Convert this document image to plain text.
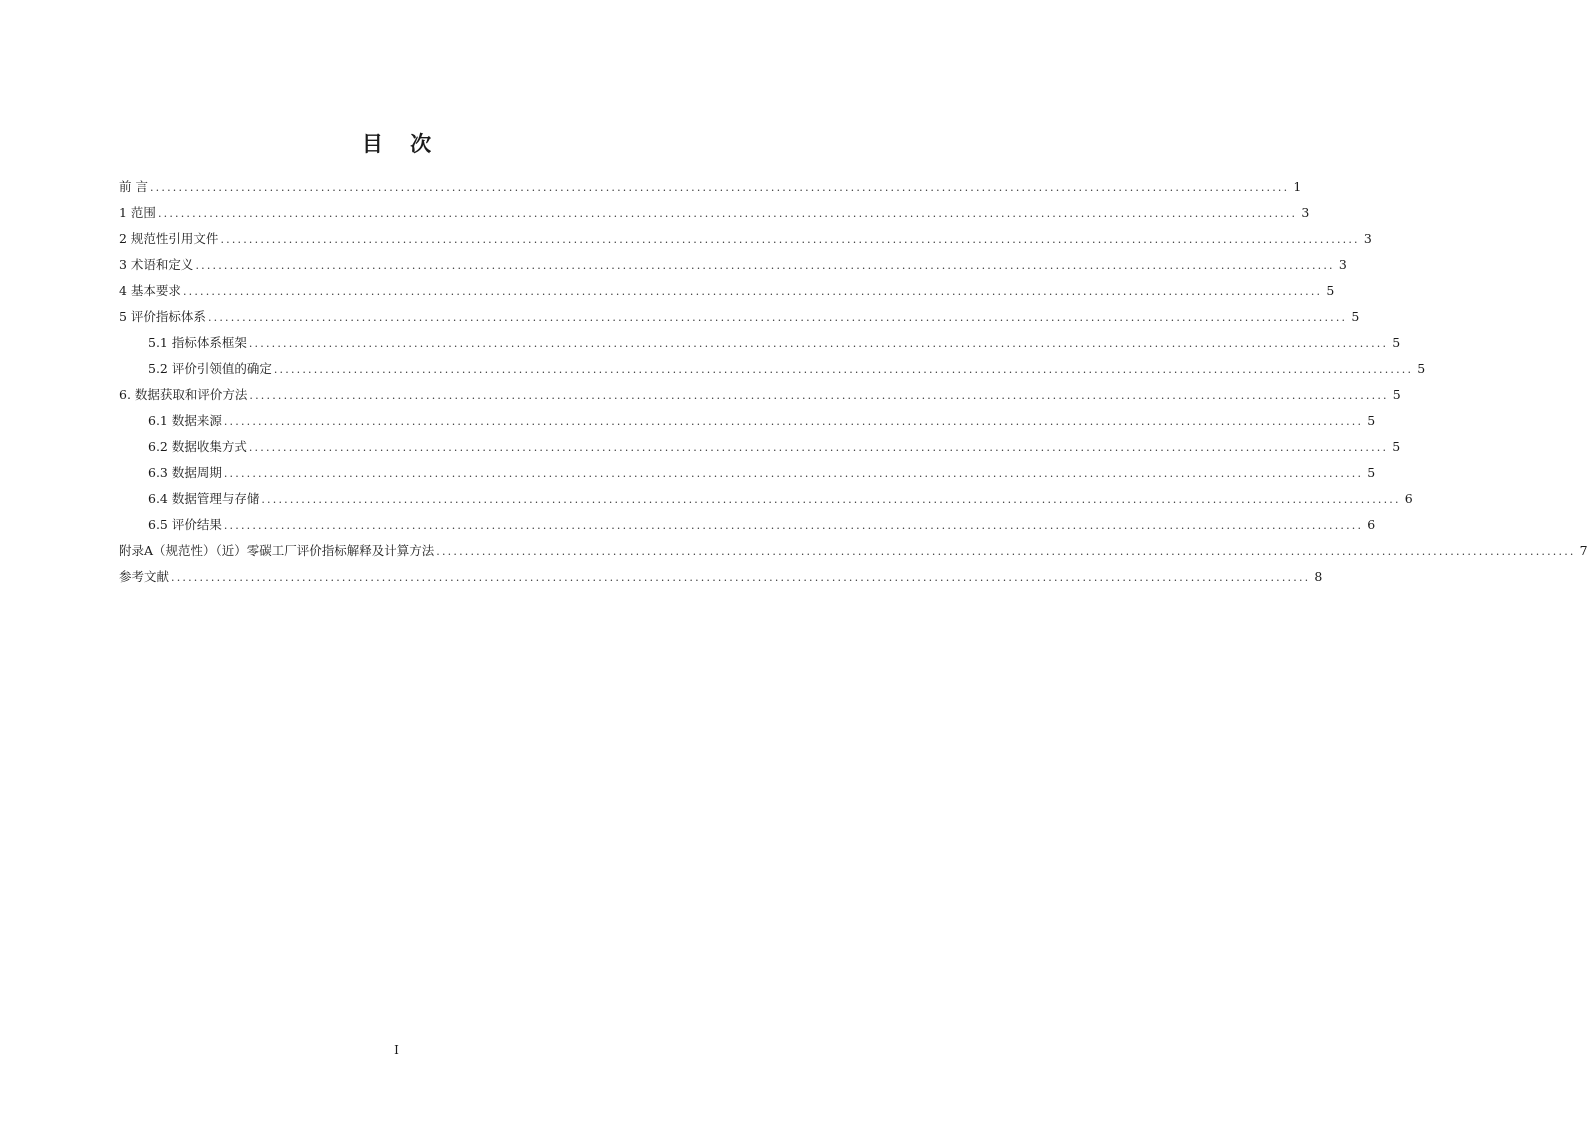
目 次
前 言 ........................................................................................................................................................................................................ 1
1 范围 ........................................................................................................................................................................................................ 3
2 规范性引用文件 ........................................................................................................................................................................................................ 3
3 术语和定义 ........................................................................................................................................................................................................ 3
4 基本要求 ........................................................................................................................................................................................................ 5
5 评价指标体系 ........................................................................................................................................................................................................ 5
5.1 指标体系框架 ........................................................................................................................................................................................................ 5
5.2 评价引领值的确定 ........................................................................................................................................................................................................ 5
6. 数据获取和评价方法 ........................................................................................................................................................................................................ 5
6.1 数据来源 ........................................................................................................................................................................................................ 5
6.2 数据收集方式 ........................................................................................................................................................................................................ 5
6.3 数据周期 ........................................................................................................................................................................................................ 5
6.4 数据管理与存储 ........................................................................................................................................................................................................ 6
6.5 评价结果 ........................................................................................................................................................................................................ 6
附录A（规范性）（近）零碳工厂评价指标解释及计算方法 ........................................................................................................................................................................................................ 7
参考文献 ........................................................................................................................................................................................................ 8
I
